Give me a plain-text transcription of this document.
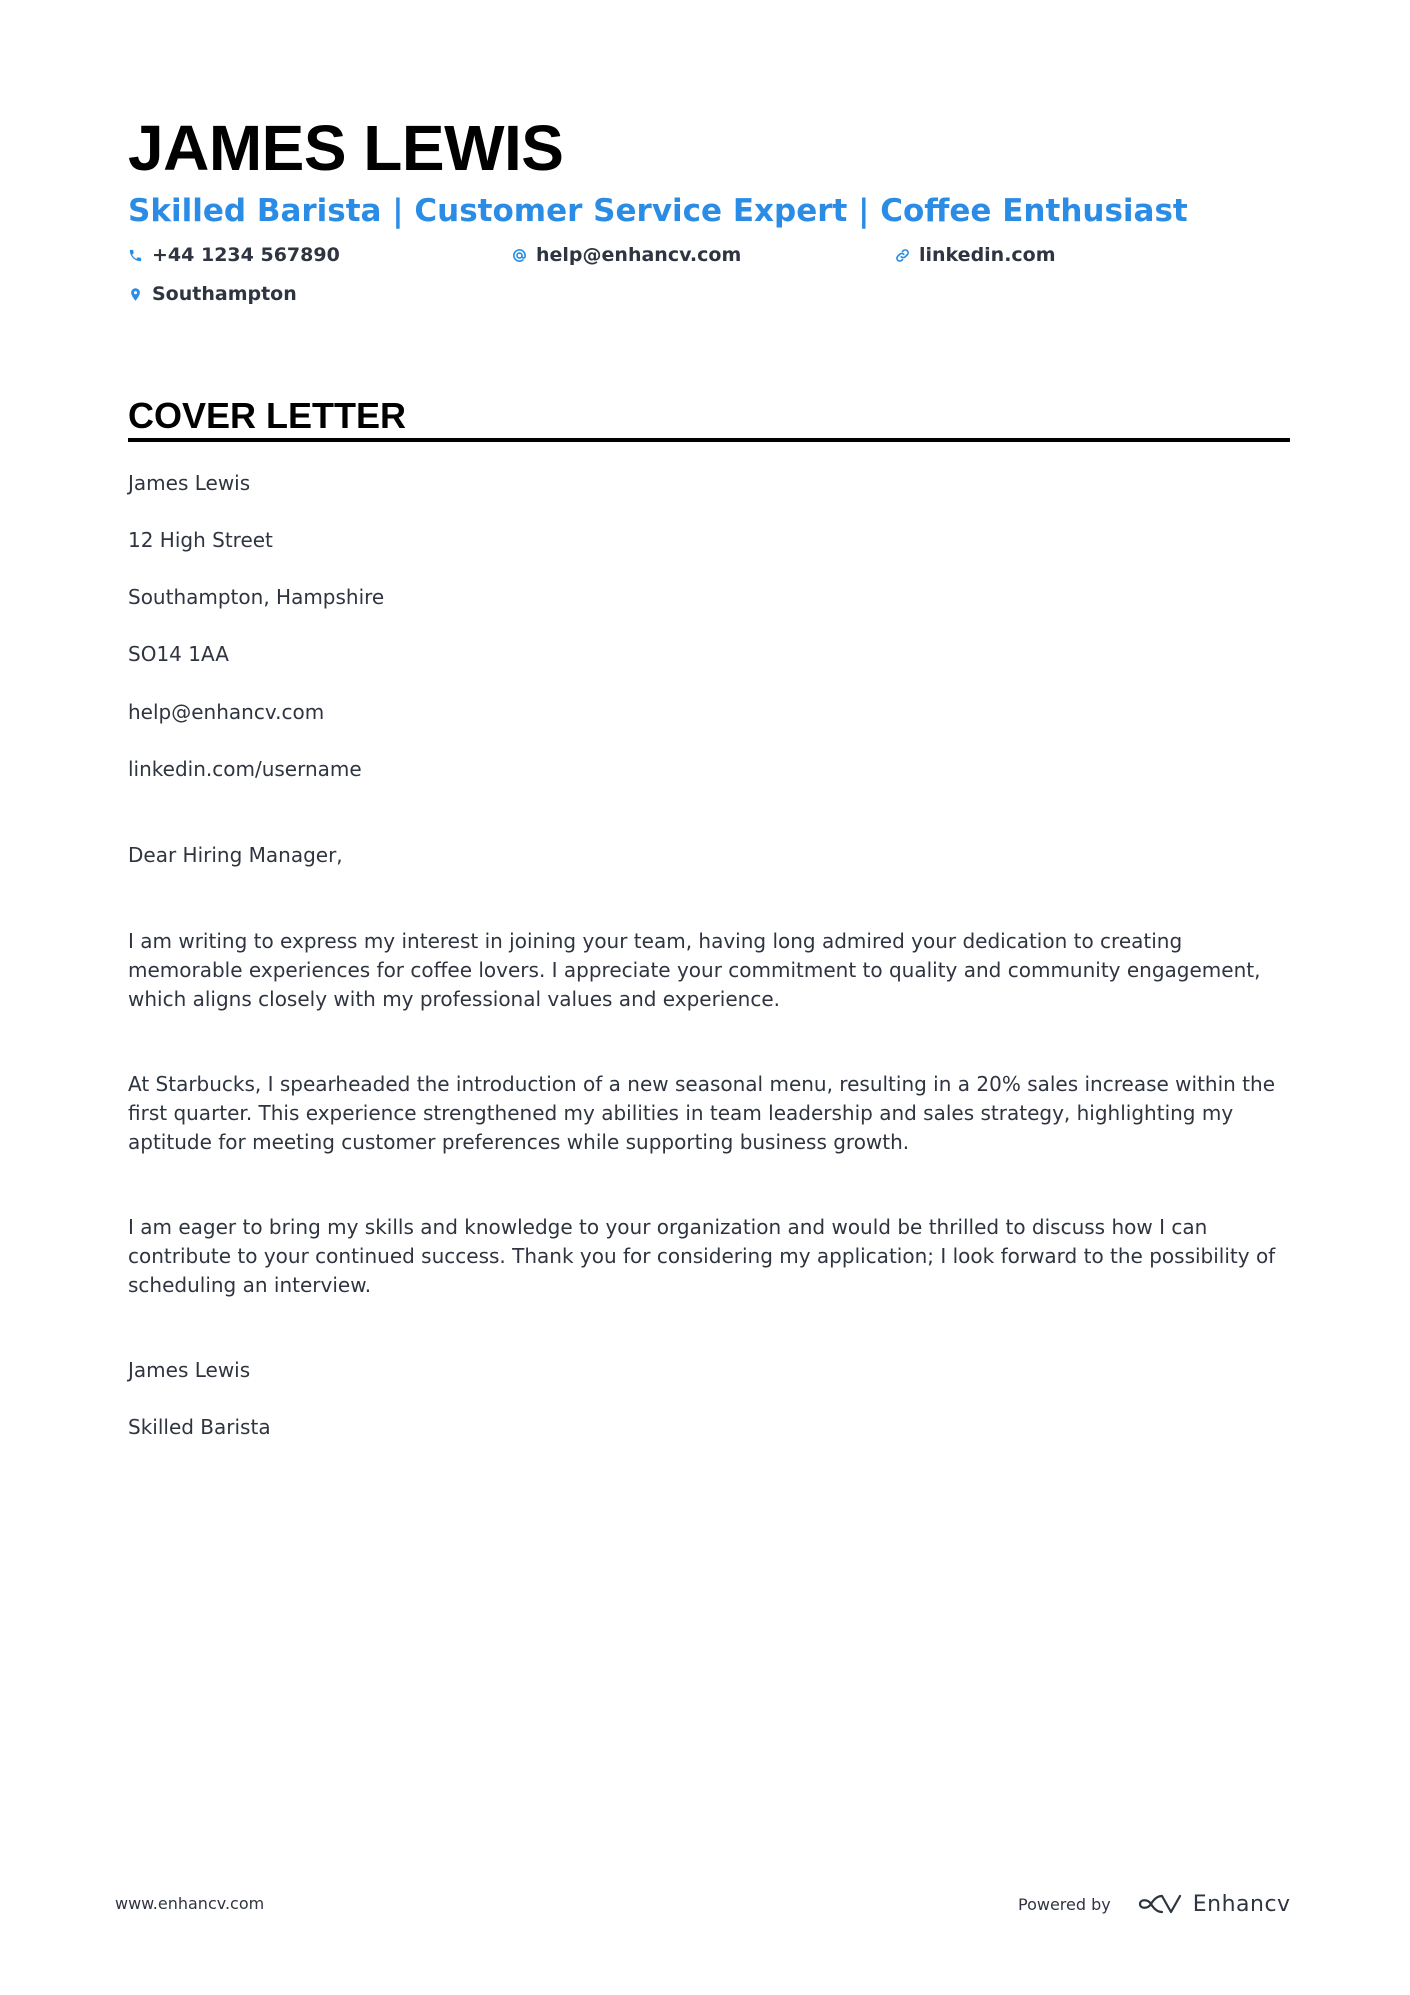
JAMES LEWIS
Skilled Barista | Customer Service Expert | Coffee Enthusiast
+44 1234 567890	help@enhancv.com	linkedin.com
Southampton
COVER LETTER
James Lewis
12 High Street
Southampton, Hampshire
SO14 1AA
help@enhancv.com
linkedin.com/username
Dear Hiring Manager,

I am writing to express my interest in joining your team, having long admired your dedication to creating memorable experiences for coffee lovers. I appreciate your commitment to quality and community engagement, which aligns closely with my professional values and experience.

At Starbucks, I spearheaded the introduction of a new seasonal menu, resulting in a 20% sales increase within the first quarter. This experience strengthened my abilities in team leadership and sales strategy, highlighting my aptitude for meeting customer preferences while supporting business growth.

I am eager to bring my skills and knowledge to your organization and would be thrilled to discuss how I can contribute to your continued success. Thank you for considering my application; I look forward to the possibility of scheduling an interview.

James Lewis
Skilled Barista
www.enhancv.com	Powered by	Enhancv
